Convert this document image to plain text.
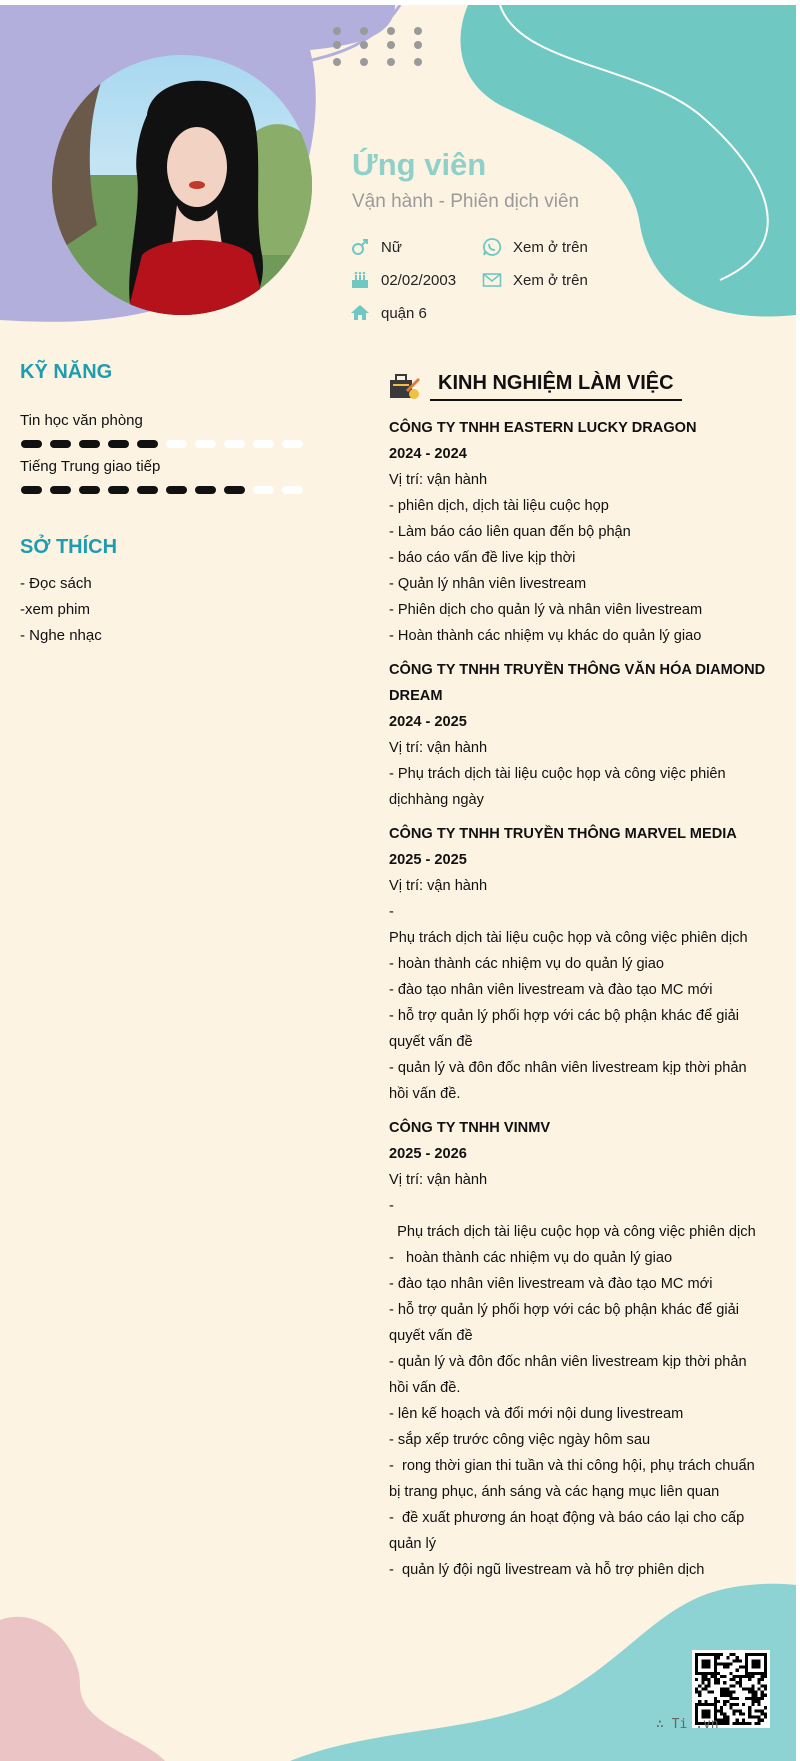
Ứng viên
Vận hành - Phiên dịch viên
Nữ
02/02/2003
quận 6
Xem ở trên
Xem ở trên
KỸ NĂNG
Tin học văn phòng
Tiếng Trung giao tiếp
SỞ THÍCH
- Đọc sách
-xem phim
- Nghe nhạc
KINH NGHIỆM LÀM VIỆC
CÔNG TY TNHH EASTERN LUCKY DRAGON
2024 - 2024
Vị trí: vận hành
- phiên dịch, dịch tài liệu cuộc họp
- Làm báo cáo liên quan đến bộ phận
- báo cáo vấn đề live kịp thời
- Quản lý nhân viên livestream
- Phiên dịch cho quản lý và nhân viên livestream
- Hoàn thành các nhiệm vụ khác do quản lý giao
CÔNG TY TNHH TRUYỀN THÔNG VĂN HÓA DIAMOND DREAM
2024 - 2025
Vị trí: vận hành
- Phụ trách dịch tài liệu cuộc họp và công việc phiên dịchhàng ngày
CÔNG TY TNHH TRUYỀN THÔNG MARVEL MEDIA
2025 - 2025
Vị trí: vận hành
-
Phụ trách dịch tài liệu cuộc họp và công việc phiên dịch
- hoàn thành các nhiệm vụ do quản lý giao
- đào tạo nhân viên livestream và đào tạo MC mới
- hỗ trợ quản lý phối hợp với các bộ phận khác để giải quyết vấn đề
- quản lý và đôn đốc nhân viên livestream kịp thời phản hồi vấn đề.
CÔNG TY TNHH VINMV
2025 - 2026
Vị trí: vận hành
-
Phụ trách dịch tài liệu cuộc họp và công việc phiên dịch
-   hoàn thành các nhiệm vụ do quản lý giao
- đào tạo nhân viên livestream và đào tạo MC mới
- hỗ trợ quản lý phối hợp với các bộ phận khác để giải quyết vấn đề
- quản lý và đôn đốc nhân viên livestream kịp thời phản hồi vấn đề.
- lên kế hoạch và đổi mới nội dung livestream
- sắp xếp trước công việc ngày hôm sau
-  rong thời gian thi tuần và thi công hội, phụ trách chuẩn bị trang phục, ánh sáng và các hạng mục liên quan
-  đề xuất phương án hoạt động và báo cáo lại cho cấp quản lý
-  quản lý đội ngũ livestream và hỗ trợ phiên dịch
∴ Ti .vn
